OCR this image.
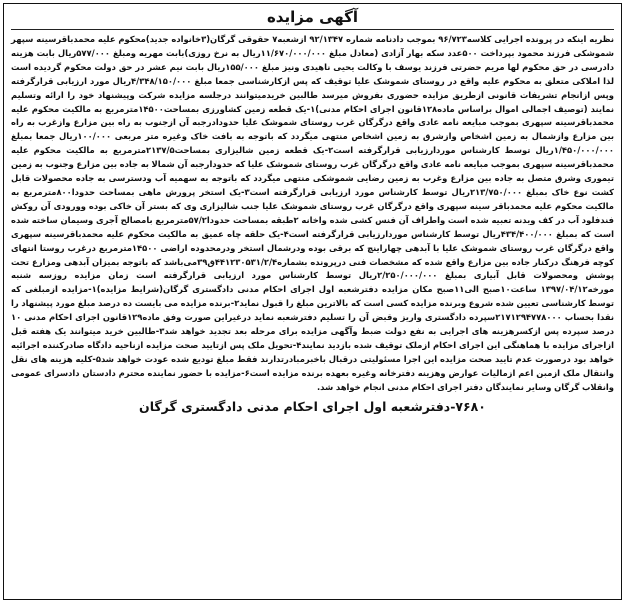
آگهی مزایده

نظریه اینکه در پرونده اجرایی کلاسه۹۶/۷۲۳ بموجب دادنامه شماره ۹۲/۱۳۴۷ ازشعبه۷ حقوقی گرگان(۳خانواده جدید)محکوم علیه محمدباقرسینه سپهر شموشکی فرزند محمود بپرداخت ۵۰۰عدد سکه بهار آزادی (معادل مبلغ ۱۱/۶۷۰/۰۰۰/۰۰۰ریال به نرخ روزی)بابت مهریه ومبلغ ۵۷۷/۰۰۰ریال بابت هزینه دادرسی در حق محکوم لها مریم حضرتی فرزند یوسف با وکالت یحیی ناهیدی ونیز مبلغ ۱۵۵/۰۰۰ریال بابت نیم عشر در حق دولت محکوم گردیده است لذا املاکی متعلق به محکوم علیه واقع در روستای شموشک علیا توقیف که پس ازکارشناسی جمعا مبلغ ۴/۳۴۸/۱۵۰/۰۰۰ریال مورد ارزیابی قرارگرفته وپس ازانجام تشریفات قانونی ازطریق مزایده حضوری بفروش میرسد طالبین خریدمیتوانند درجلسه مزایده شرکت وپیشنهاد خود را ارائه وتسلیم نمایند (توصیف اجمالی اموال براساس ماده۱۲۸قانون اجرای احکام مدنی)۱-یک قطعه زمین کشاورزی بمساحت۱۴۵۰۰مترمربع به مالکیت محکوم علیه محمدباقرسینه سپهری بموجب مبایعه نامه عادی واقع درگرگان غرب روستای شموشک علیا حدودادرجبه آن ازجنوب به راه بین مزارع وازغرب به راه بین مزارع وازشمال به زمین اشخاص وازشرق به زمین اشخاص منتهی میگردد که باتوجه به بافت خاک وغیره متر مربعی ۱۰۰/۰۰۰ریال جمعا بمبلغ ۱/۴۵۰/۰۰۰/۰۰۰ریال توسط کارشناس موردارزیابی قرارگرفته است۲-یک قطعه زمین شالیزاری بمساحت۲۱۳۷/۵مترمربع به مالکیت محکوم علیه محمدباقرسینه سپهری بموجب مبایعه نامه عادی واقع درگرگان غرب روستای شموشک علیا که حدودارجبه آن شمالا به جاده بین مزارع وجنوب به زمین تیموری وشرق متصل به جاده بین مزارع وغرب به زمین رضایی شموشکی منتهی میگردد که باتوجه به سهمیه آب ودسترسی به جاده محصولات قابل کشت نوع خاک بمبلغ ۲۱۳/۷۵۰/۰۰۰ریال توسط کارشناس مورد ارزیابی قرارگرفته است۳-یک استخر پرورش ماهی بمساحت حدودا۸۰۰مترمربع به مالکیت محکوم علیه محمدباقر سینه سپهری واقع درگرگان غرب روستای شموشک علیا جنب شالیزاری وی که بستر آن خاکی بوده وورودی آن روکش فندفلود آب در کف ویدنه تعبیه شده است واطراف آن فنس کشی شده واخانه ۲طبقه بمساحت حدودا۵۷/۲مترمربع بامصالح آجری وسیمان ساخته شده است که بمبلغ ۴۳۴/۴۰۰/۰۰۰ریال توسط کارشناس موردارزیابی قرارگرفته است۴-یک حلقه چاه عمیق به مالکیت محکوم علیه محمدباقرسینه سپهری واقع درگرگان غرب روستای شموشک علیا با آبدهی چهاراینچ که برقی بوده ودرشمال استخر ودرمحدوده اراضی ۱۴۵۰۰مترمربع درغرب روستا انتهای کوچه فرهنگ درکنار جاده بین مزارع واقع شده که مشخصات فنی درپرونده بشماره۴۴۱۲۳۰۵۳۱/۲/۴ق۳۹می‌باشد که باتوجه بمیزان آبدهی ومزارع تحت پوشش ومحصولات قابل آبیاری بمبلغ ۲/۲۵۰/۰۰۰/۰۰۰ریال توسط کارشناس مورد ارزیابی قرارگرفته است زمان مزایده روزسه شنبه مورخه۱۳۹۷/۰۴/۱۲ ساعت۱۰صبح الی۱۱صبح مکان مزایده دفترشعبه اول اجرای احکام مدنی دادگستری گرگان(شرایط مزایده)۱-مزایده ازمبلغی که توسط کارشناسی تعیین شده شروع وبرنده مزایده کسی است که بالاترین مبلغ را قبول نماید۲-برنده مزایده می بایست ده درصد مبلغ مورد پیشنهاد را نقدا بحساب ۲۱۷۱۲۹۴۷۷۸۰۰۰سپرده دادگستری واریز وقبض آن را تسلیم دفترشعبه نماید درغیراین صورت وفق ماده۱۲۹قانون اجرای احکام مدنی ۱۰ درصد سپرده پس ازکسرهزینه های اجرایی به نفع دولت ضبط وآگهی مزایده برای مرحله بعد تجدید خواهد شد۳-طالبین خرید میتوانند یک هفته قبل ازاجرای مزایده با هماهنگی این اجرای احکام ازملک توقیف شده بازدید نمایند۴-تحویل ملک پس ازتایید صحت مزایده ازناحیه دادگاه صادرکننده اجرائیه خواهد بود درصورت عدم تایید صحت مزایده این اجرا مسئولیتی درقبال باخبرمبادرتدارند فقط مبلغ تودیع شده عودت خواهد شد۵-کلیه هزینه های نقل وانتقال ملک ازمبن اعم ازمالیات عوارض وهزینه دفترخانه وغیره بعهده برنده مزایده است۶-مزایده با حضور نماینده محترم دادستان دادسرای عمومی وانقلاب گرگان وسایر نمایندگان دفتر اجرای احکام مدنی انجام خواهد شد.

۷۶۸۰-دفترشعبه اول اجرای احکام مدنی دادگستری گرگان
